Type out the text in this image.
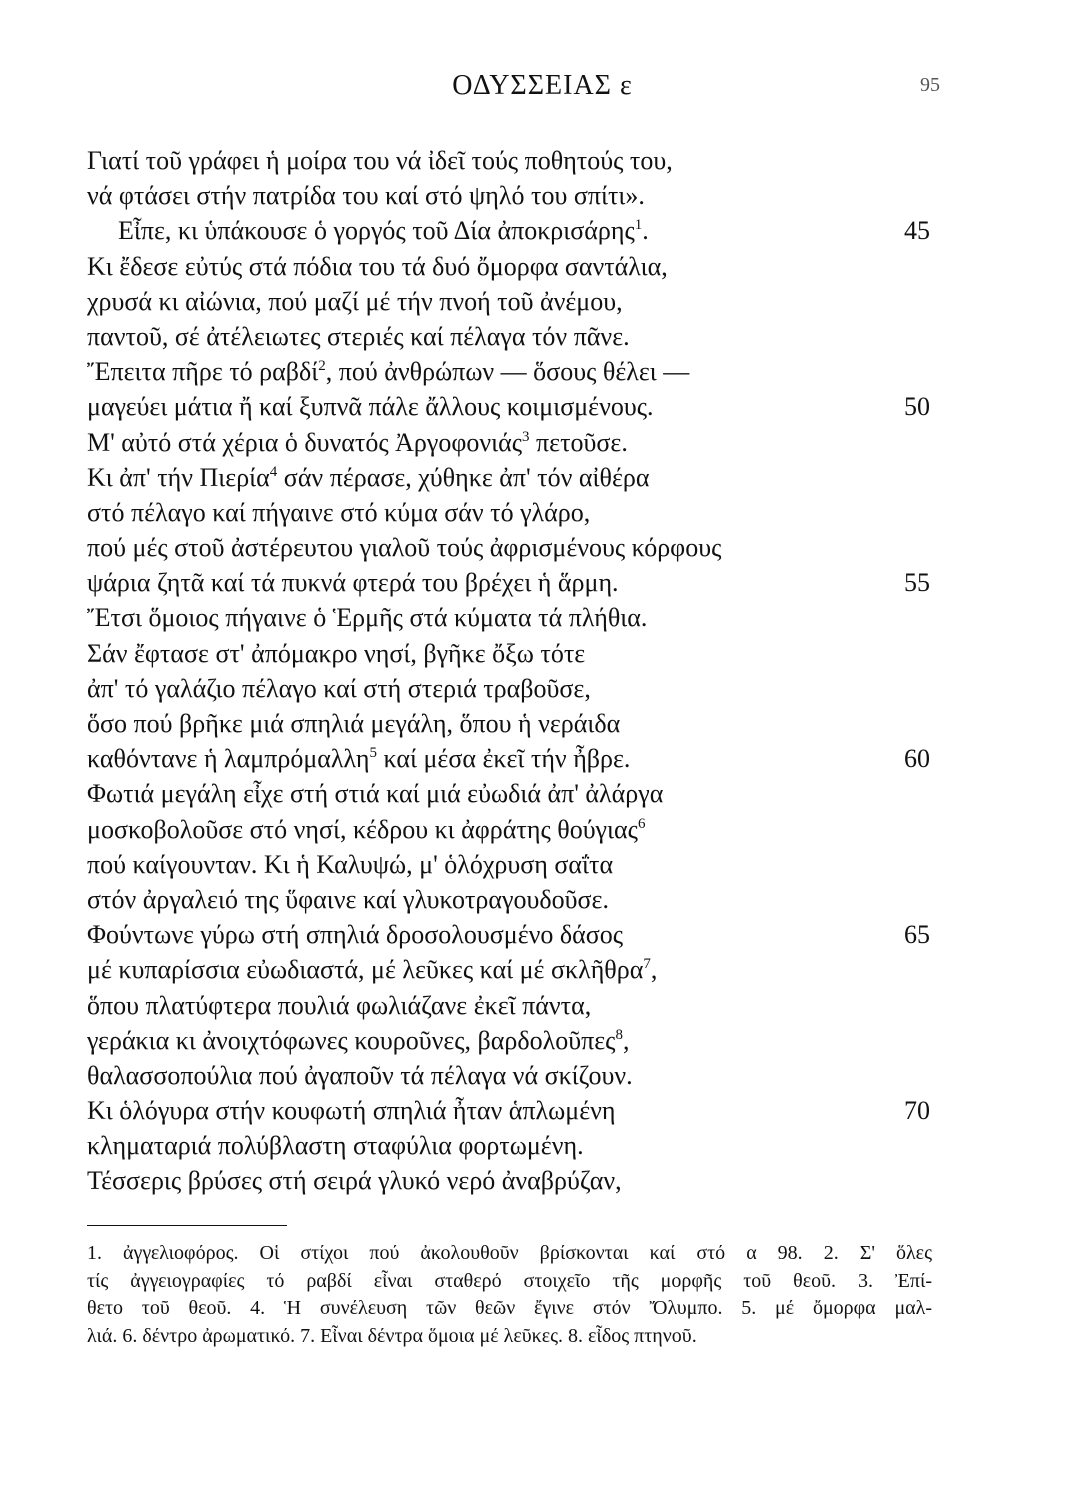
ΟΔΥΣΣΕΙΑΣ ε	95
Γιατί τοῦ γράφει ἡ μοίρα του νά ἰδεῖ τούς ποθητούς του,
νά φτάσει στήν πατρίδα του καί στό ψηλό του σπίτι».
Εἶπε, κι ὑπάκουσε ὁ γοργός τοῦ Δία ἀποκρισάρης$^1$.	45
Κι ἔδεσε εὐτύς στά πόδια του τά δυό ὄμορφα σαντάλια,
χρυσά κι αἰώνια, πού μαζί μέ τήν πνοή τοῦ ἀνέμου,
παντοῦ, σέ ἀτέλειωτες στεριές καί πέλαγα τόν πᾶνε.
Ἔπειτα πῆρε τό ραβδί$^2$, πού ἀνθρώπων — ὅσους θέλει —
μαγεύει μάτια ἤ καί ξυπνᾶ πάλε ἄλλους κοιμισμένους.	50
Μ' αὐτό στά χέρια ὁ δυνατός Ἀργοφονιάς$^3$ πετοῦσε.
Κι ἀπ' τήν Πιερία$^4$ σάν πέρασε, χύθηκε ἀπ' τόν αἰθέρα
στό πέλαγο καί πήγαινε στό κύμα σάν τό γλάρο,
πού μές στοῦ ἀστέρευτου γιαλοῦ τούς ἀφρισμένους κόρφους
ψάρια ζητᾶ καί τά πυκνά φτερά του βρέχει ἡ ἅρμη.	55
Ἔτσι ὅμοιος πήγαινε ὁ Ἑρμῆς στά κύματα τά πλήθια.
Σάν ἔφτασε στ' ἀπόμακρο νησί, βγῆκε ὄξω τότε
ἀπ' τό γαλάζιο πέλαγο καί στή στεριά τραβοῦσε,
ὅσο πού βρῆκε μιά σπηλιά μεγάλη, ὅπου ἡ νεράιδα
καθόντανε ἡ λαμπρόμαλλη$^5$ καί μέσα ἐκεῖ τήν ἦβρε.	60
Φωτιά μεγάλη εἶχε στή στιά καί μιά εὐωδιά ἀπ' ἀλάργα
μοσκοβολοῦσε στό νησί, κέδρου κι ἀφράτης θούγιας$^6$
πού καίγουνταν. Κι ἡ Καλυψώ, μ' ὁλόχρυση σαΐτα
στόν ἀργαλειό της ὕφαινε καί γλυκοτραγουδοῦσε.
Φούντωνε γύρω στή σπηλιά δροσολουσμένο δάσος	65
μέ κυπαρίσσια εὐωδιαστά, μέ λεῦκες καί μέ σκλῆθρα$^7$,
ὅπου πλατύφτερα πουλιά φωλιάζανε ἐκεῖ πάντα,
γεράκια κι ἀνοιχτόφωνες κουροῦνες, βαρδολοῦπες$^8$,
θαλασσοπούλια πού ἀγαποῦν τά πέλαγα νά σκίζουν.
Κι ὁλόγυρα στήν κουφωτή σπηλιά ἦταν ἁπλωμένη	70
κληματαριά πολύβλαστη σταφύλια φορτωμένη.
Τέσσερις βρύσες στή σειρά γλυκό νερό ἀναβρύζαν,
1. ἀγγελιοφόρος. Οἱ στίχοι πού ἀκολουθοῦν βρίσκονται καί στό α 98. 2. Σ' ὅλες
τίς ἀγγειογραφίες τό ραβδί εἶναι σταθερό στοιχεῖο τῆς μορφῆς τοῦ θεοῦ. 3. Ἐπί-
θετο τοῦ θεοῦ. 4. Ἡ συνέλευση τῶν θεῶν ἔγινε στόν Ὄλυμπο. 5. μέ ὄμορφα μαλ-
λιά. 6. δέντρο ἀρωματικό. 7. Εἶναι δέντρα ὅμοια μέ λεῦκες. 8. εἶδος πτηνοῦ.
